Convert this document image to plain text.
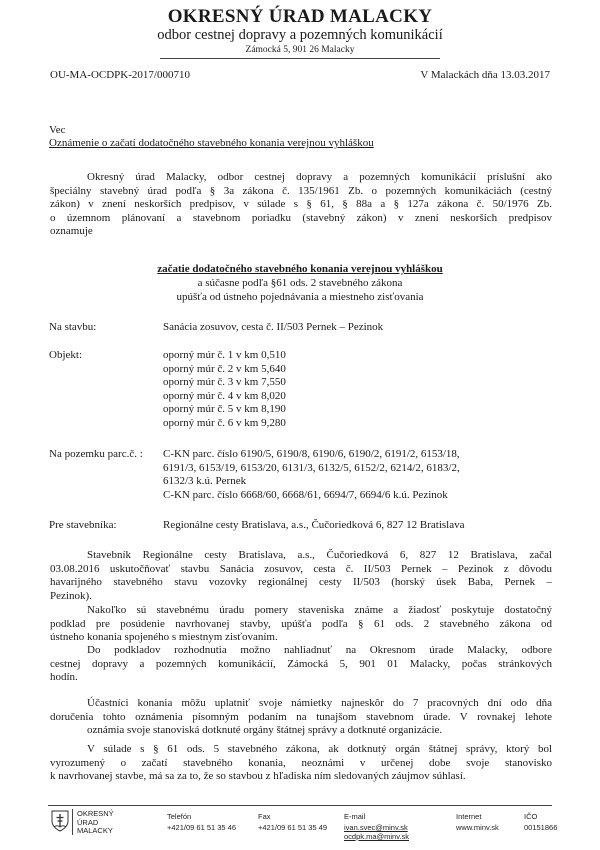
OKRESNÝ ÚRAD MALACKY
odbor cestnej dopravy a pozemných komunikácií
Zámocká 5, 901 26 Malacky
OU-MA-OCDPK-2017/000710	V Malackách dňa 13.03.2017
Vec
Oznámenie o začatí dodatočného stavebného konania verejnou vyhláškou
Okresný úrad Malacky, odbor cestnej dopravy a pozemných komunikácií príslušní ako
špeciálny stavebný úrad podľa § 3a zákona č. 135/1961 Zb. o pozemných komunikáciách (cestný
zákon) v znení neskorších predpisov, v súlade s § 61, § 88a a § 127a zákona č. 50/1976 Zb.
o územnom plánovaní a stavebnom poriadku (stavebný zákon) v znení neskorších predpisov
oznamuje
začatie dodatočného stavebného konania verejnou vyhláškou
a súčasne podľa §61 ods. 2 stavebného zákona
upúšťa od ústneho pojednávania a miestneho zisťovania
Na stavbu:	Sanácia zosuvov, cesta č. II/503 Pernek – Pezinok
Objekt:	oporný múr č. 1 v km 0,510
oporný múr č. 2 v km 5,640
oporný múr č. 3 v km 7,550
oporný múr č. 4 v km 8,020
oporný múr č. 5 v km 8,190
oporný múr č. 6 v km 9,280
Na pozemku parc.č. : C-KN parc. číslo 6190/5, 6190/8, 6190/6, 6190/2, 6191/2, 6153/18,
6191/3, 6153/19, 6153/20, 6131/3, 6132/5, 6152/2, 6214/2, 6183/2,
6132/3 k.ú. Pernek
C-KN parc. číslo 6668/60, 6668/61, 6694/7, 6694/6 k.ú. Pezinok
Pre stavebníka:	Regionálne cesty Bratislava, a.s., Čučoriedková 6, 827 12 Bratislava
Stavebník Regionálne cesty Bratislava, a.s., Čučoriedková 6, 827 12 Bratislava, začal
03.08.2016 uskutočňovať stavbu Sanácia zosuvov, cesta č. II/503 Pernek – Pezinok z dôvodu
havarijného stavebného stavu vozovky regionálnej cesty II/503 (horský úsek Baba, Pernek –
Pezinok).
Nakoľko sú stavebnému úradu pomery staveniska známe a žiadosť poskytuje dostatočný
podklad pre posúdenie navrhovanej stavby, upúšťa podľa § 61 ods. 2 stavebného zákona od
ústneho konania spojeného s miestnym zisťovaním.
Do podkladov rozhodnutia možno nahliadnuť na Okresnom úrade Malacky, odbore
cestnej dopravy a pozemných komunikácií, Zámocká 5, 901 01 Malacky, počas stránkových
hodín.
Účastníci konania môžu uplatniť svoje námietky najneskôr do 7 pracovných dní odo dňa
doručenia tohto oznámenia písomným podaním na tunajšom stavebnom úrade. V rovnakej lehote
oznámia svoje stanoviská dotknuté orgány štátnej správy a dotknuté organizácie.
V súlade s § 61 ods. 5 stavebného zákona, ak dotknutý orgán štátnej správy, ktorý bol
vyrozumený o začatí stavebného konania, neoznámi v určenej dobe svoje stanovisko
k navrhovanej stavbe, má sa za to, že so stavbou z hľadiska ním sledovaných záujmov súhlasí.
OKRESNÝ
ÚRAD
MALACKY
Telefón
+421/09 61 51 35 46
Fax
+421/09 61 51 35 49
E-mail
ivan.svec@minv.sk
ocdpk.ma@minv.sk
Internet
www.minv.sk
IČO
00151866
